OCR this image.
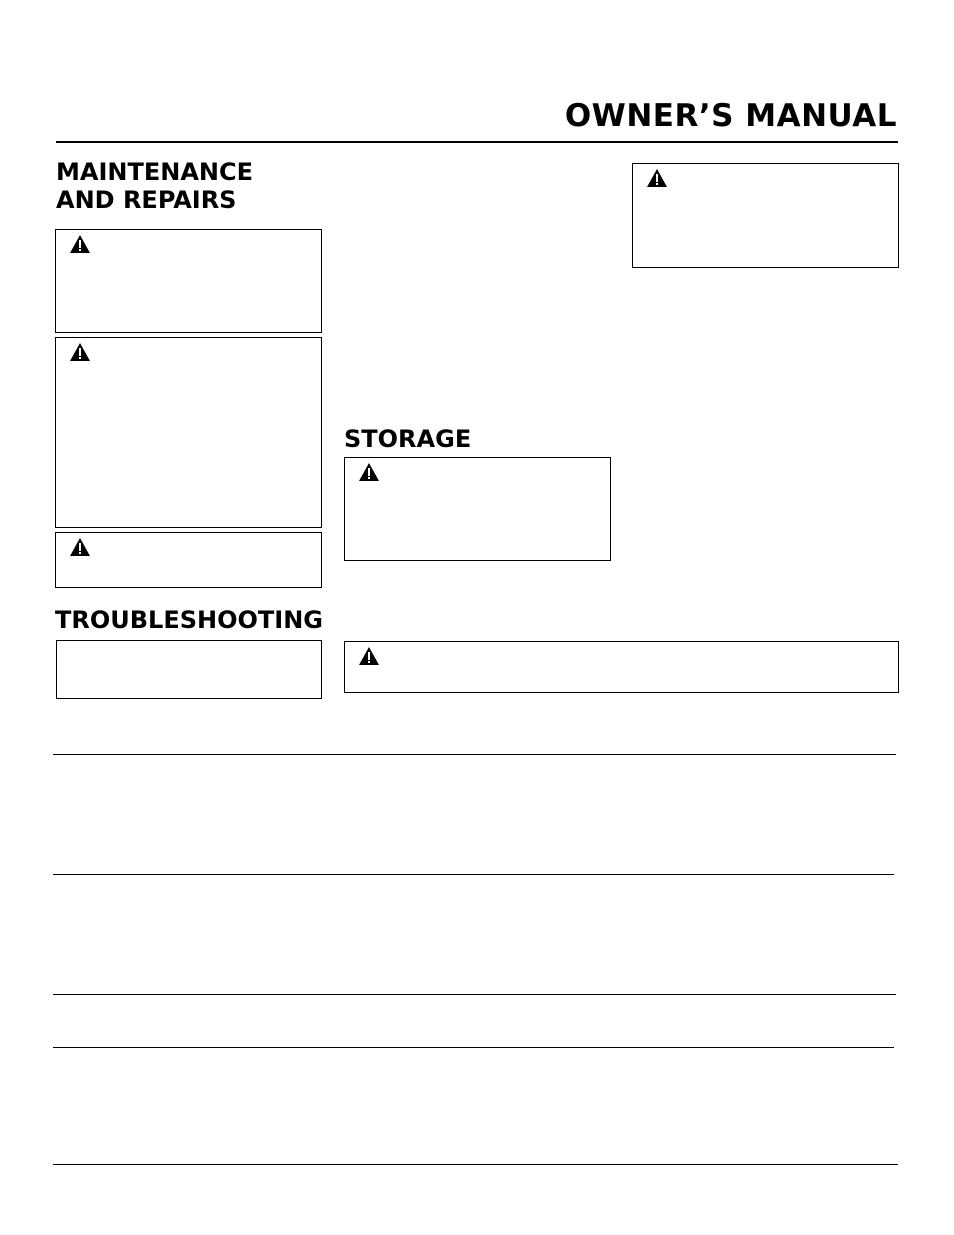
OWNER’S MANUAL
MAINTENANCE
AND REPAIRS
STORAGE
TROUBLESHOOTING
